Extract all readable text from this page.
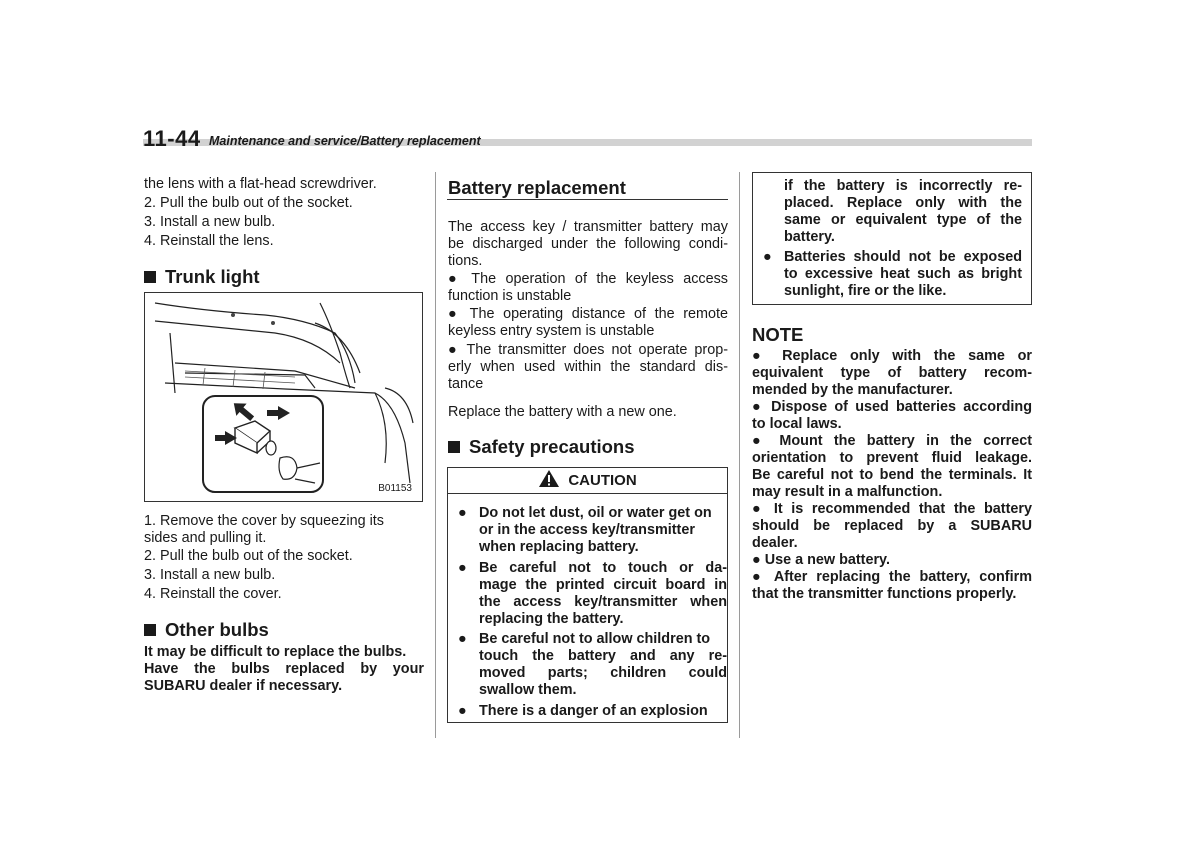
11-44 Maintenance and service/Battery replacement
the lens with a flat-head screwdriver.
2. Pull the bulb out of the socket.
3. Install a new bulb.
4. Reinstall the lens.
Trunk light
B01153
1. Remove the cover by squeezing its
sides and pulling it.
2. Pull the bulb out of the socket.
3. Install a new bulb.
4. Reinstall the cover.
Other bulbs
It may be difficult to replace the bulbs.
Have the bulbs replaced by your
SUBARU dealer if necessary.
Battery replacement
The access key / transmitter battery may
be discharged under the following condi-
tions.
● The operation of the keyless access
function is unstable
● The operating distance of the remote
keyless entry system is unstable
● The transmitter does not operate prop-
erly when used within the standard dis-
tance
Replace the battery with a new one.
Safety precautions
CAUTION
● Do not let dust, oil or water get on
or in the access key/transmitter
when replacing battery.
● Be careful not to touch or da-
mage the printed circuit board in
the access key/transmitter when
replacing the battery.
● Be careful not to allow children to
touch the battery and any re-
moved parts; children could
swallow them.
● There is a danger of an explosion
if the battery is incorrectly re-
placed. Replace only with the
same or equivalent type of the
battery.
● Batteries should not be exposed
to excessive heat such as bright
sunlight, fire or the like.
NOTE
● Replace only with the same or
equivalent type of battery recom-
mended by the manufacturer.
● Dispose of used batteries according
to local laws.
● Mount the battery in the correct
orientation to prevent fluid leakage.
Be careful not to bend the terminals. It
may result in a malfunction.
● It is recommended that the battery
should be replaced by a SUBARU
dealer.
● Use a new battery.
● After replacing the battery, confirm
that the transmitter functions properly.
